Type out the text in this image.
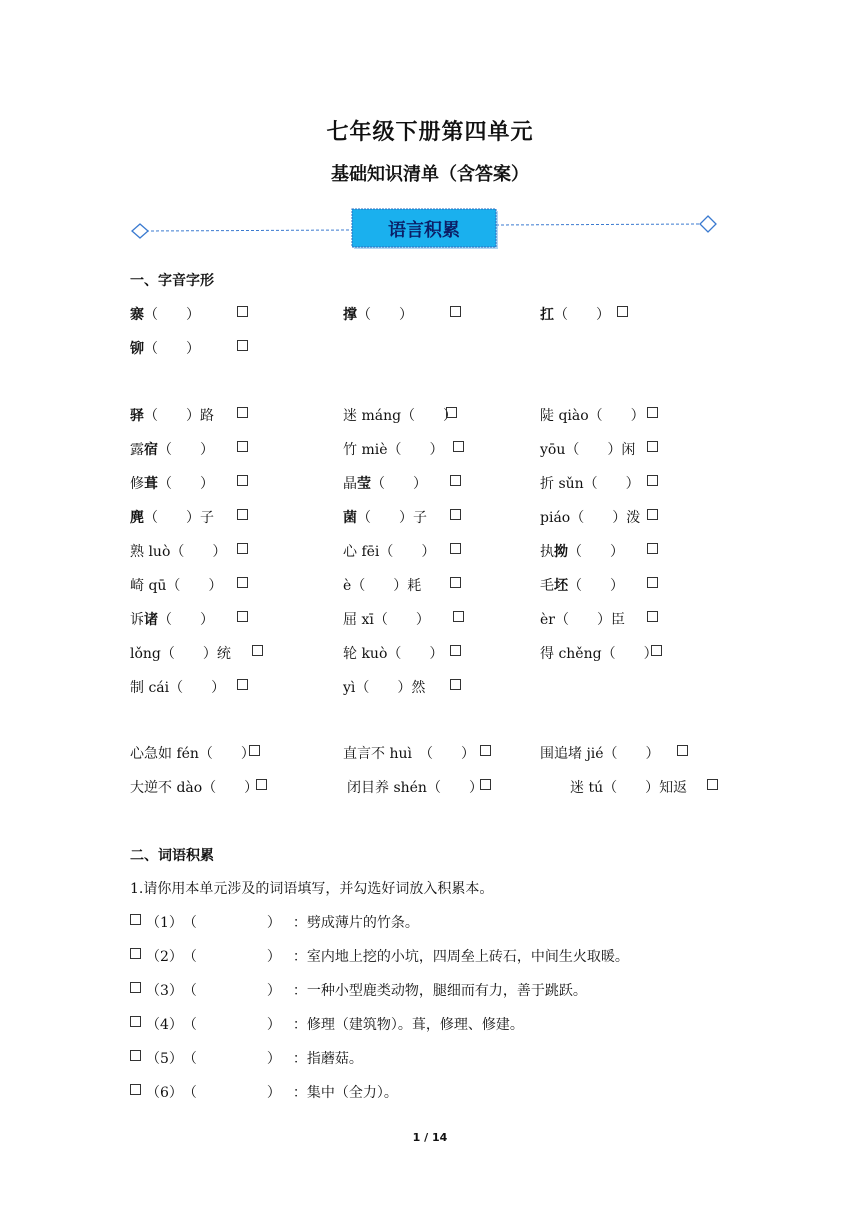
七年级下册第四单元
基础知识清单（含答案）
语言积累
一、字音字形
寨（　　）	撑（　　）	扛（　　）
铆（　　）
驿（　　）路	迷 máng（　　）	陡 qiào（　　）
露宿（　　）	竹 miè（　　）	yōu（　　）闲
修葺（　　）	晶莹（　　）	折 sǔn（　　）
麂（　　）子	菌（　　）子	piáo（　　）泼
熟 luò（　　）	心 fēi（　　）	执拗（　　）
崎 qū（　　）	è（　　）耗	毛坯（　　）
诉诸（　　）	屈 xī（　　）	èr（　　）臣
lǒng（　　）统	轮 kuò（　　）	得 chěng（　　）
制 cái（　　）	yì（　　）然
心急如 fén（　　）	直言不 huì　（　　）	围追堵 jié（　　）
大逆不 dào（　　）	闭目养 shén（　　）	迷 tú（　　）知返
二、词语积累
1.请你用本单元涉及的词语填写，并勾选好词放入积累本。
（1）（　　　　　） ：劈成薄片的竹条。
（2）（　　　　　） ：室内地上挖的小坑，四周垒上砖石，中间生火取暖。
（3）（　　　　　） ：一种小型鹿类动物，腿细而有力，善于跳跃。
（4）（　　　　　） ：修理（建筑物）。葺，修理、修建。
（5）（　　　　　） ：指蘑菇。
（6）（　　　　　） ：集中（全力）。
1 / 14
